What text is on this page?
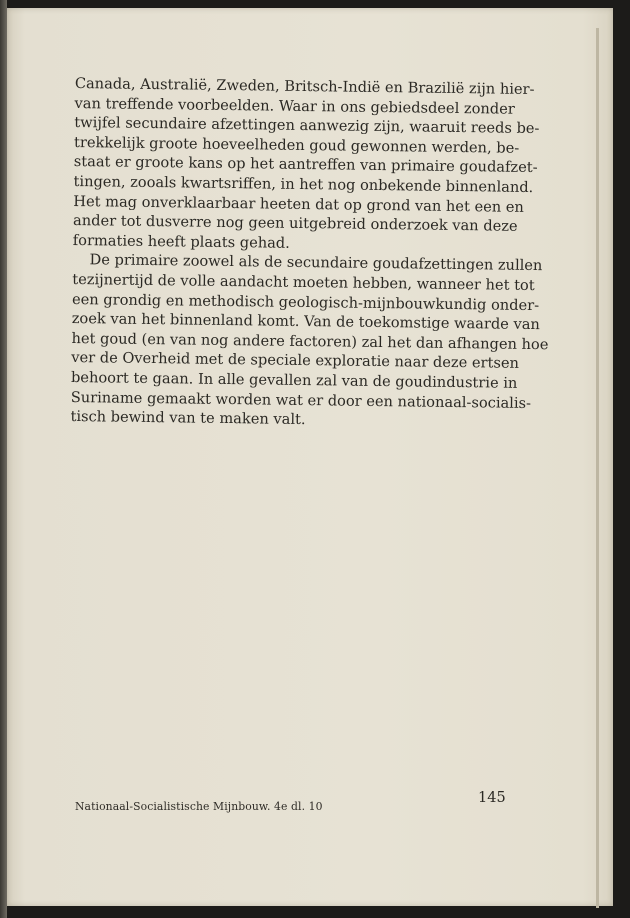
Canada, Australië, Zweden, Britsch-Indië en Brazilië zijn hier-
van treffende voorbeelden. Waar in ons gebiedsdeel zonder
twijfel secundaire afzettingen aanwezig zijn, waaruit reeds be-
trekkelijk groote hoeveelheden goud gewonnen werden, be-
staat er groote kans op het aantreffen van primaire goudafzet-
tingen, zooals kwartsriffen, in het nog onbekende binnenland.
Het mag onverklaarbaar heeten dat op grond van het een en
ander tot dusverre nog geen uitgebreid onderzoek van deze
formaties heeft plaats gehad.

De primaire zoowel als de secundaire goudafzettingen zullen
tezijnertijd de volle aandacht moeten hebben, wanneer het tot
een grondig en methodisch geologisch-mijnbouwkundig onder-
zoek van het binnenland komt. Van de toekomstige waarde van
het goud (en van nog andere factoren) zal het dan afhangen hoe
ver de Overheid met de speciale exploratie naar deze ertsen
behoort te gaan. In alle gevallen zal van de goudindustrie in
Suriname gemaakt worden wat er door een nationaal-socialis-
tisch bewind van te maken valt.

Nationaal-Socialistische Mijnbouw. 4e dl. 10
145
